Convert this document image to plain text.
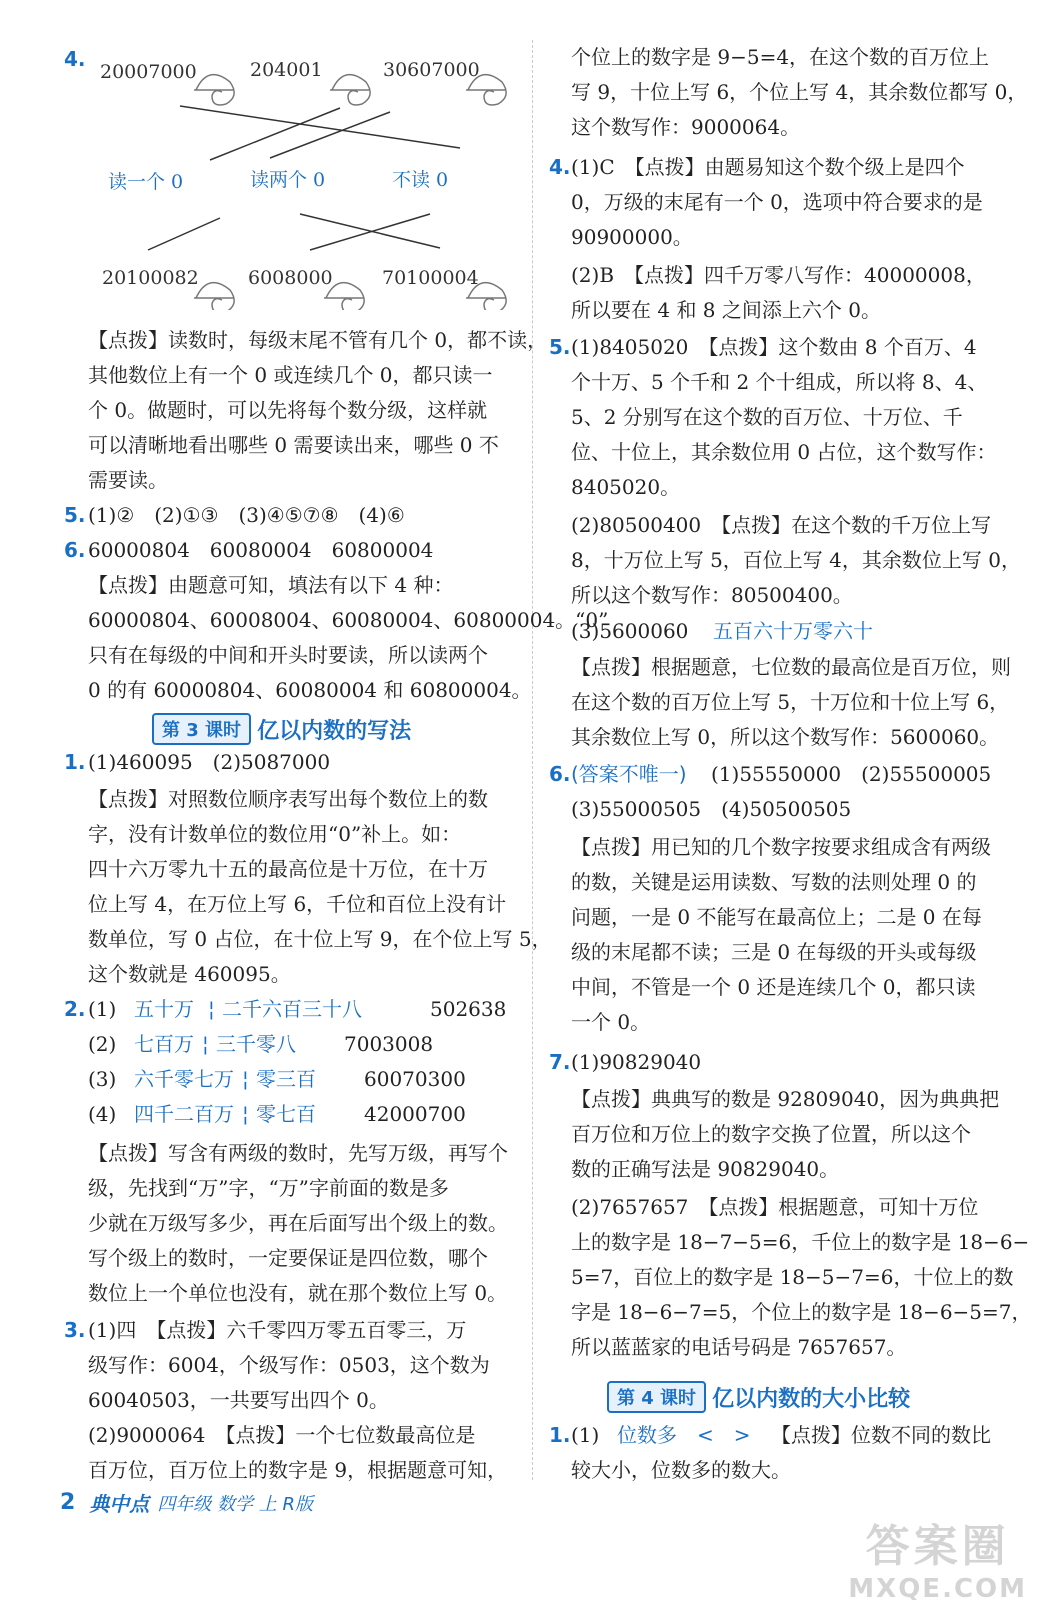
4.
20007000	204001	30607000
读一个 0	读两个 0	不读 0
20100082	6008000	70100004
【点拨】读数时，每级末尾不管有几个 0，都不读，
其他数位上有一个 0 或连续几个 0，都只读一
个 0。做题时，可以先将每个数分级，这样就
可以清晰地看出哪些 0 需要读出来，哪些 0 不
需要读。
5. (1)②　(2)①③　(3)④⑤⑦⑧　(4)⑥
6. 60000804　60080004　60800004
【点拨】由题意可知，填法有以下 4 种：
60000804、60008004、60080004、60800004。“0”
只有在每级的中间和开头时要读，所以读两个
0 的有 60000804、60080004 和 60800004。
第 3 课时 亿以内数的写法
1. (1)460095　(2)5087000
【点拨】对照数位顺序表写出每个数位上的数
字，没有计数单位的数位用“0”补上。如：
四十六万零九十五的最高位是十万位，在十万
位上写 4，在万位上写 6，千位和百位上没有计
数单位，写 0 占位，在十位上写 9，在个位上写 5，
这个数就是 460095。
2. (1) 五十万 ¦ 二千六百三十八	502638
(2) 七百万 ¦ 三千零八 7003008
(3) 六千零七万 ¦ 零三百 60070300
(4) 四千二百万 ¦ 零七百 42000700
【点拨】写含有两级的数时，先写万级，再写个
级，先找到“万”字，“万”字前面的数是多
少就在万级写多少，再在后面写出个级上的数。
写个级上的数时，一定要保证是四位数，哪个
数位上一个单位也没有，就在那个数位上写 0。
3. (1)四　【点拨】六千零四万零五百零三，万
级写作：6004，个级写作：0503，这个数为
60040503，一共要写出四个 0。
(2)9000064　【点拨】一个七位数最高位是
百万位，百万位上的数字是 9，根据题意可知，
个位上的数字是 9−5=4，在这个数的百万位上
写 9，十位上写 6，个位上写 4，其余数位都写 0，
这个数写作：9000064。
4. (1)C　【点拨】由题易知这个数个级上是四个
0，万级的末尾有一个 0，选项中符合要求的是
90900000。
(2)B　【点拨】四千万零八写作：40000008，
所以要在 4 和 8 之间添上六个 0。
5. (1)8405020　【点拨】这个数由 8 个百万、4
个十万、5 个千和 2 个十组成，所以将 8、4、
5、2 分别写在这个数的百万位、十万位、千
位、十位上，其余数位用 0 占位，这个数写作：
8405020。
(2)80500400　【点拨】在这个数的千万位上写
8，十万位上写 5，百位上写 4，其余数位上写 0，
所以这个数写作：80500400。
(3)5600060 五百六十万零六十
【点拨】根据题意，七位数的最高位是百万位，则
在这个数的百万位上写 5，十万位和十位上写 6，
其余数位上写 0，所以这个数写作：5600060。
6. (答案不唯一) (1)55550000　(2)55500005
(3)55000505　(4)50500505
【点拨】用已知的几个数字按要求组成含有两级
的数，关键是运用读数、写数的法则处理 0 的
问题，一是 0 不能写在最高位上；二是 0 在每
级的末尾都不读；三是 0 在每级的开头或每级
中间，不管是一个 0 还是连续几个 0，都只读
一个 0。
7. (1)90829040
【点拨】典典写的数是 92809040，因为典典把
百万位和万位上的数字交换了位置，所以这个
数的正确写法是 90829040。
(2)7657657　【点拨】根据题意，可知十万位
上的数字是 18−7−5=6，千位上的数字是 18−6−
5=7，百位上的数字是 18−5−7=6，十位上的数
字是 18−6−7=5，个位上的数字是 18−6−5=7，
所以蓝蓝家的电话号码是 7657657。
第 4 课时 亿以内数的大小比较
1. (1) 位数多　<　> 【点拨】位数不同的数比
较大小，位数多的数大。
2 典中点 四年级 数学 上 R版
答案圈
MXQE.COM
